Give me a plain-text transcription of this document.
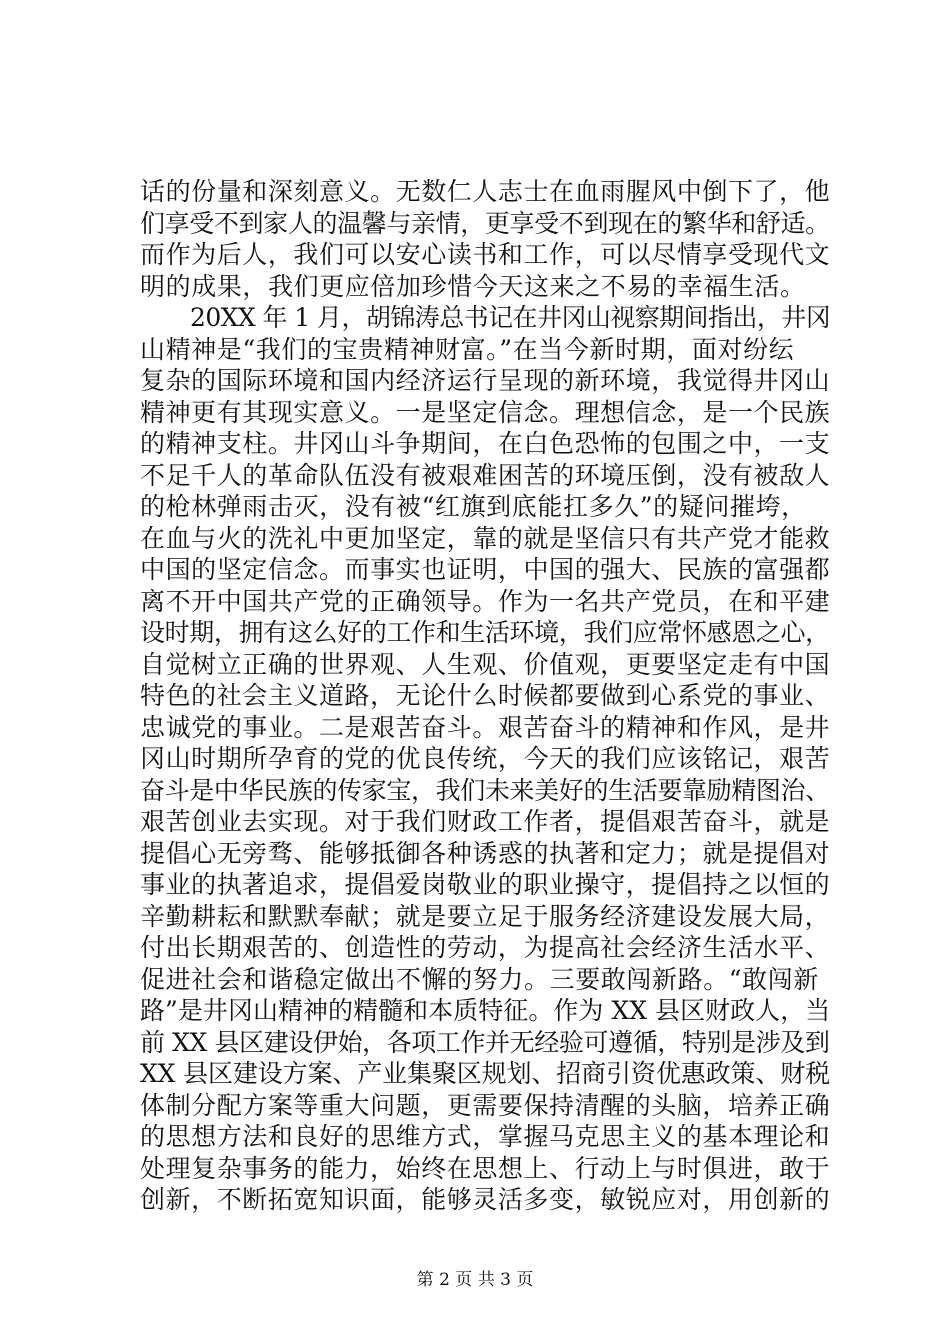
话的份量和深刻意义。无数仁人志士在血雨腥风中倒下了，他
们享受不到家人的温馨与亲情，更享受不到现在的繁华和舒适。
而作为后人，我们可以安心读书和工作，可以尽情享受现代文
明的成果，我们更应倍加珍惜今天这来之不易的幸福生活。
20XX 年 1 月，胡锦涛总书记在井冈山视察期间指出，井冈
山精神是“我们的宝贵精神财富。”在当今新时期，面对纷纭
复杂的国际环境和国内经济运行呈现的新环境，我觉得井冈山
精神更有其现实意义。一是坚定信念。理想信念，是一个民族
的精神支柱。井冈山斗争期间，在白色恐怖的包围之中，一支
不足千人的革命队伍没有被艰难困苦的环境压倒，没有被敌人
的枪林弹雨击灭，没有被“红旗到底能扛多久”的疑问摧垮，
在血与火的洗礼中更加坚定，靠的就是坚信只有共产党才能救
中国的坚定信念。而事实也证明，中国的强大、民族的富强都
离不开中国共产党的正确领导。作为一名共产党员，在和平建
设时期，拥有这么好的工作和生活环境，我们应常怀感恩之心，
自觉树立正确的世界观、人生观、价值观，更要坚定走有中国
特色的社会主义道路，无论什么时候都要做到心系党的事业、
忠诚党的事业。二是艰苦奋斗。艰苦奋斗的精神和作风，是井
冈山时期所孕育的党的优良传统，今天的我们应该铭记，艰苦
奋斗是中华民族的传家宝，我们未来美好的生活要靠励精图治、
艰苦创业去实现。对于我们财政工作者，提倡艰苦奋斗，就是
提倡心无旁骛、能够抵御各种诱惑的执著和定力；就是提倡对
事业的执著追求，提倡爱岗敬业的职业操守，提倡持之以恒的
辛勤耕耘和默默奉献；就是要立足于服务经济建设发展大局，
付出长期艰苦的、创造性的劳动，为提高社会经济生活水平、
促进社会和谐稳定做出不懈的努力。三要敢闯新路。“敢闯新
路”是井冈山精神的精髓和本质特征。作为 XX 县区财政人，当
前 XX 县区建设伊始，各项工作并无经验可遵循，特别是涉及到
XX 县区建设方案、产业集聚区规划、招商引资优惠政策、财税
体制分配方案等重大问题，更需要保持清醒的头脑，培养正确
的思想方法和良好的思维方式，掌握马克思主义的基本理论和
处理复杂事务的能力，始终在思想上、行动上与时俱进，敢于
创新，不断拓宽知识面，能够灵活多变，敏锐应对，用创新的
第 2 页 共 3 页
